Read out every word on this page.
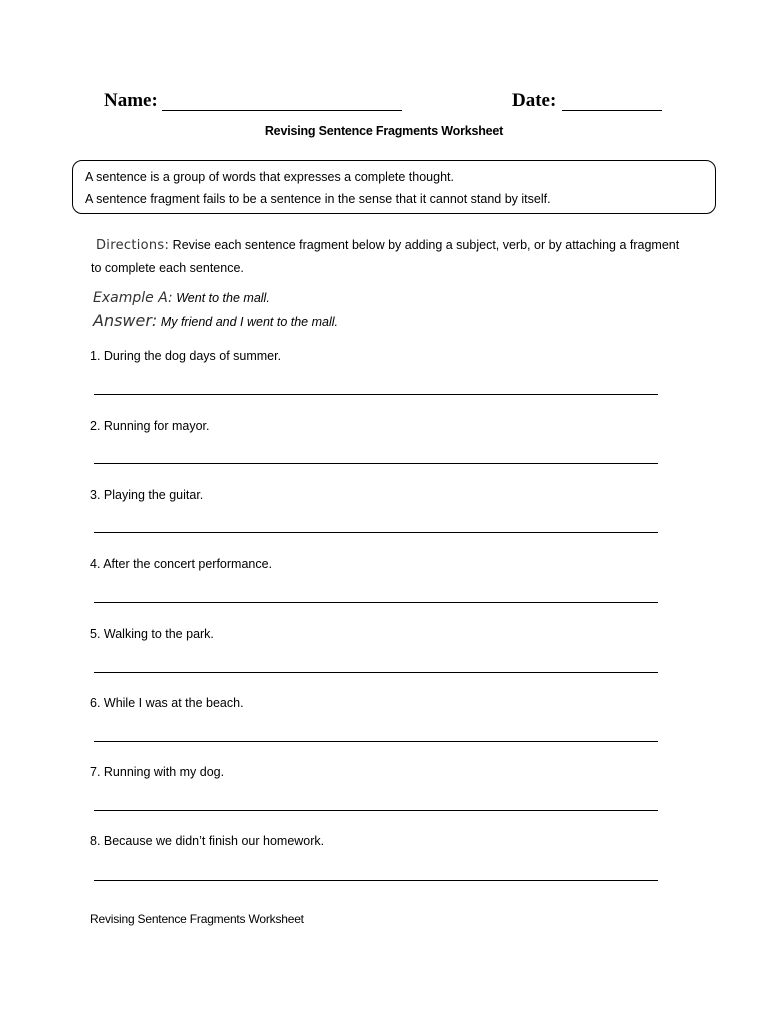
Name:	Date:
Revising Sentence Fragments Worksheet
A sentence is a group of words that expresses a complete thought.
A sentence fragment fails to be a sentence in the sense that it cannot stand by itself.
Directions: Revise each sentence fragment below by adding a subject, verb, or by attaching a fragment to complete each sentence.
Example A: Went to the mall.
Answer: My friend and I went to the mall.
1. During the dog days of summer.
2. Running for mayor.
3. Playing the guitar.
4. After the concert performance.
5. Walking to the park.
6. While I was at the beach.
7. Running with my dog.
8. Because we didn’t finish our homework.
Revising Sentence Fragments Worksheet
